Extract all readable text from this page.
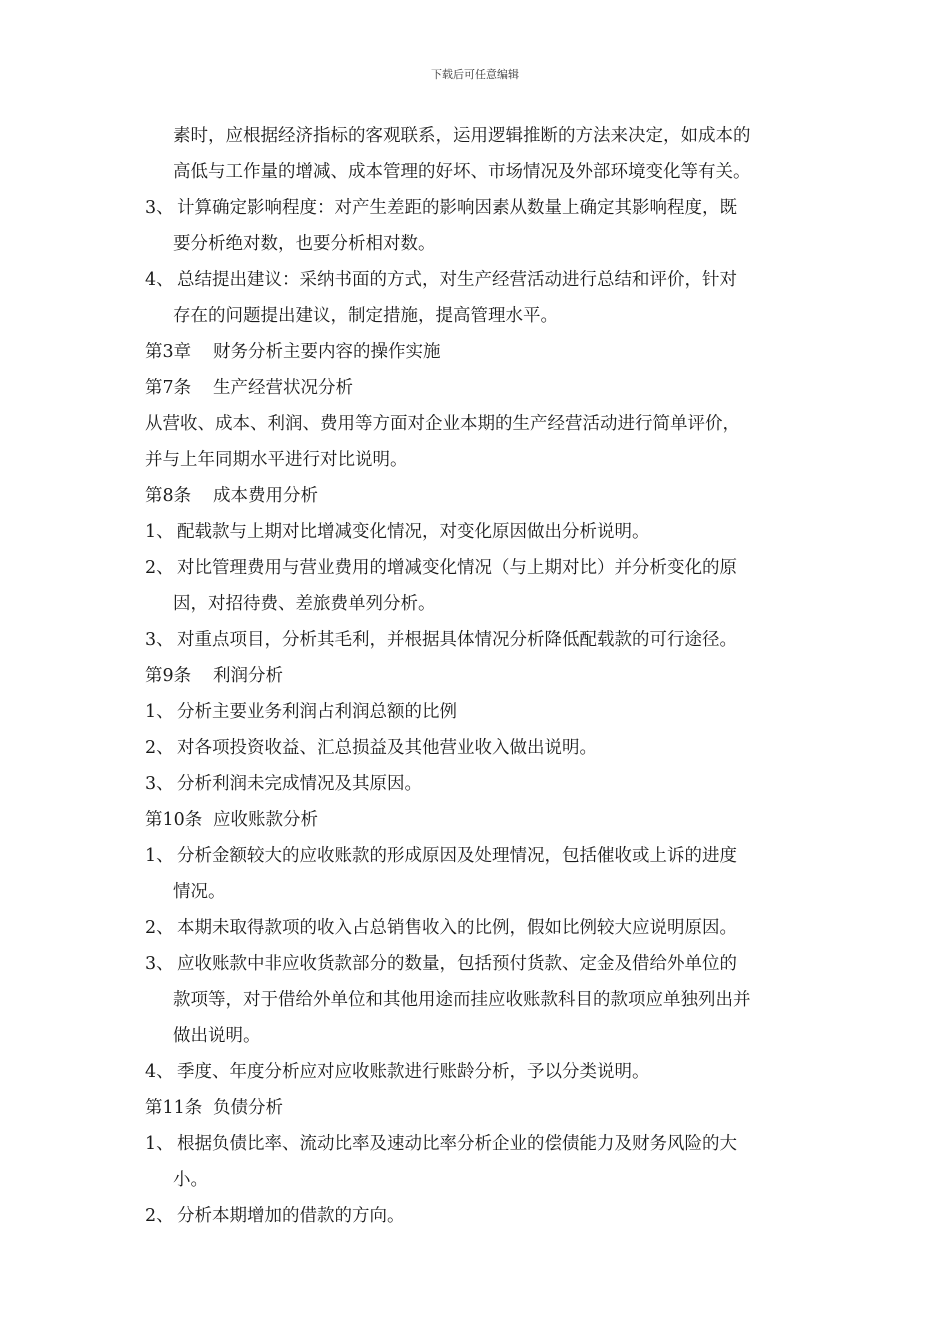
下载后可任意编辑
素时，应根据经济指标的客观联系，运用逻辑推断的方法来决定，如成本的
高低与工作量的增减、成本管理的好坏、市场情况及外部环境变化等有关。
3、 计算确定影响程度：对产生差距的影响因素从数量上确定其影响程度，既
要分析绝对数，也要分析相对数。
4、 总结提出建议：采纳书面的方式，对生产经营活动进行总结和评价，针对
存在的问题提出建议，制定措施，提高管理水平。
第3章 财务分析主要内容的操作实施
第7条 生产经营状况分析
从营收、成本、利润、费用等方面对企业本期的生产经营活动进行简单评价，
并与上年同期水平进行对比说明。
第8条 成本费用分析
1、 配载款与上期对比增减变化情况，对变化原因做出分析说明。
2、 对比管理费用与营业费用的增减变化情况（与上期对比）并分析变化的原
因，对招待费、差旅费单列分析。
3、 对重点项目，分析其毛利，并根据具体情况分析降低配载款的可行途径。
第9条 利润分析
1、 分析主要业务利润占利润总额的比例
2、 对各项投资收益、汇总损益及其他营业收入做出说明。
3、 分析利润未完成情况及其原因。
第10条 应收账款分析
1、 分析金额较大的应收账款的形成原因及处理情况，包括催收或上诉的进度
情况。
2、 本期未取得款项的收入占总销售收入的比例，假如比例较大应说明原因。
3、 应收账款中非应收货款部分的数量，包括预付货款、定金及借给外单位的
款项等，对于借给外单位和其他用途而挂应收账款科目的款项应单独列出并
做出说明。
4、 季度、年度分析应对应收账款进行账龄分析，予以分类说明。
第11条 负债分析
1、 根据负债比率、流动比率及速动比率分析企业的偿债能力及财务风险的大
小。
2、 分析本期增加的借款的方向。
